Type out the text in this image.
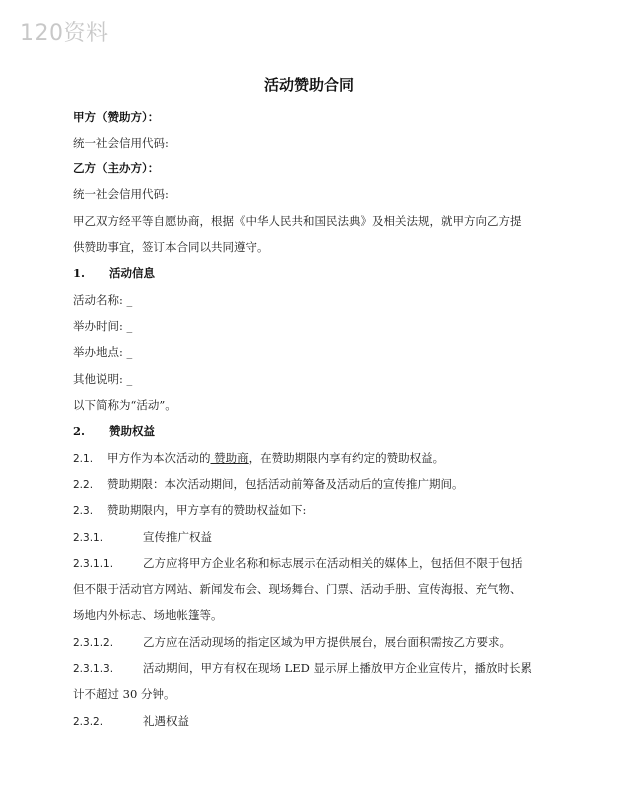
120资料
活动赞助合同
甲方（赞助方）：
统一社会信用代码:
乙方（主办方）：
统一社会信用代码:
甲乙双方经平等自愿协商，根据《中华人民共和国民法典》及相关法规，就甲方向乙方提
供赞助事宜，签订本合同以共同遵守。
1. 活动信息
活动名称: _
举办时间: _
举办地点: _
其他说明: _
以下简称为“活动”。
2. 赞助权益
2.1. 甲方作为本次活动的 赞助商，在赞助期限内享有约定的赞助权益。
2.2. 赞助期限：本次活动期间，包括活动前筹备及活动后的宣传推广期间。
2.3. 赞助期限内，甲方享有的赞助权益如下:
2.3.1.	宣传推广权益
2.3.1.1.	乙方应将甲方企业名称和标志展示在活动相关的媒体上，包括但不限于包括
但不限于活动官方网站、新闻发布会、现场舞台、门票、活动手册、宣传海报、充气物、
场地内外标志、场地帐篷等。
2.3.1.2.	乙方应在活动现场的指定区域为甲方提供展台，展台面积需按乙方要求。
2.3.1.3.	活动期间，甲方有权在现场 LED 显示屏上播放甲方企业宣传片，播放时长累
计不超过 30 分钟。
2.3.2.	礼遇权益
